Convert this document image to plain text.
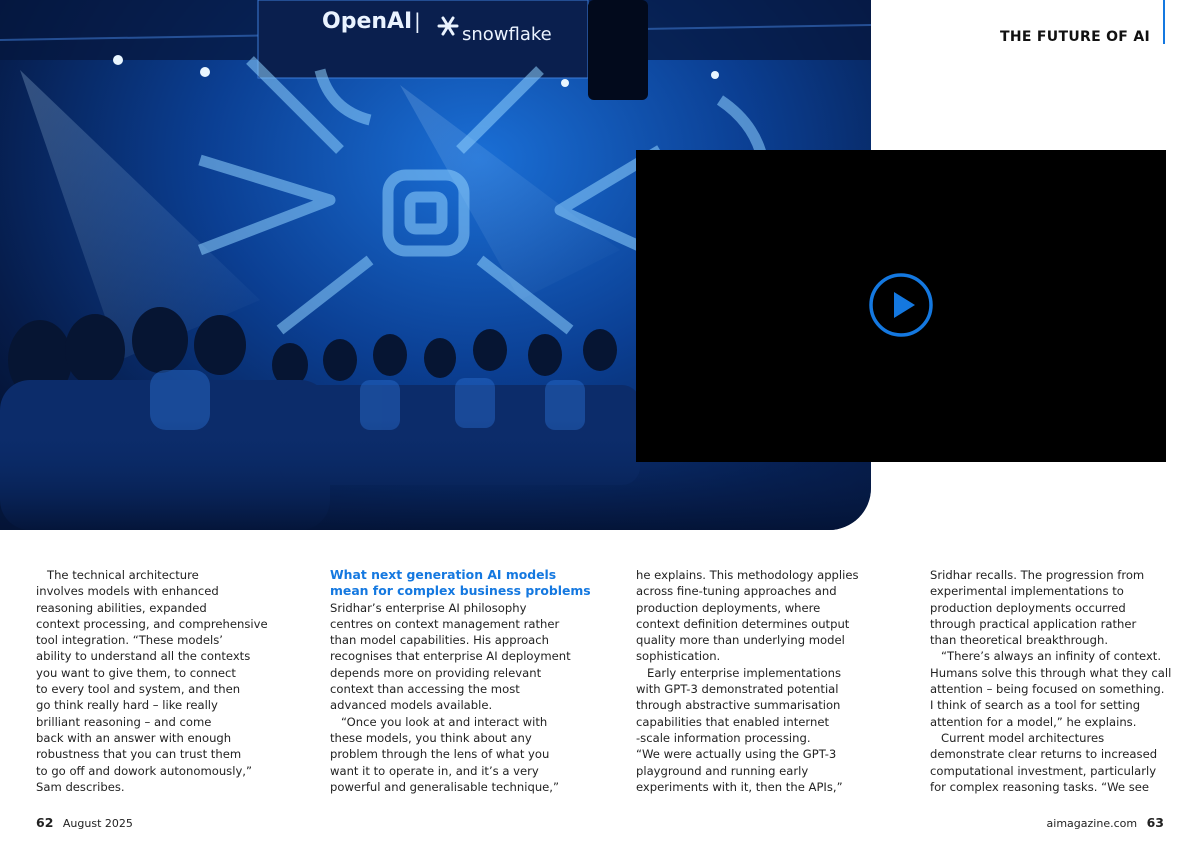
OpenAI |
snowflake	THE FUTURE OF AI

The technical architecture

involves models with enhanced
reasoning abilities, expanded
context processing, and comprehensive
tool integration. “These models’
ability to understand all the contexts
you want to give them, to connect
to every tool and system, and then
go think really hard – like really
brilliant reasoning – and come
back with an answer with enough
robustness that you can trust them
to go off and dowork autonomously,”
Sam describes.

What next generation AI models
mean for complex business problems

Sridhar’s enterprise AI philosophy
centres on context management rather
than model capabilities. His approach
recognises that enterprise AI deployment
depends more on providing relevant
context than accessing the most
advanced models available.

“Once you look at and interact with

these models, you think about any
problem through the lens of what you
want it to operate in, and it’s a very
powerful and generalisable technique,”

he explains. This methodology applies
across fine-tuning approaches and
production deployments, where
context definition determines output
quality more than underlying model
sophistication.

Early enterprise implementations

with GPT-3 demonstrated potential
through abstractive summarisation
capabilities that enabled internet
-scale information processing.
“We were actually using the GPT-3
playground and running early
experiments with it, then the APIs,”

Sridhar recalls. The progression from
experimental implementations to
production deployments occurred
through practical application rather
than theoretical breakthrough.

“There’s always an infinity of context.

Humans solve this through what they call
attention – being focused on something.
I think of search as a tool for setting
attention for a model,” he explains.

Current model architectures

demonstrate clear returns to increased
computational investment, particularly
for complex reasoning tasks. “We see

62 August 2025	aimagazine.com 63
